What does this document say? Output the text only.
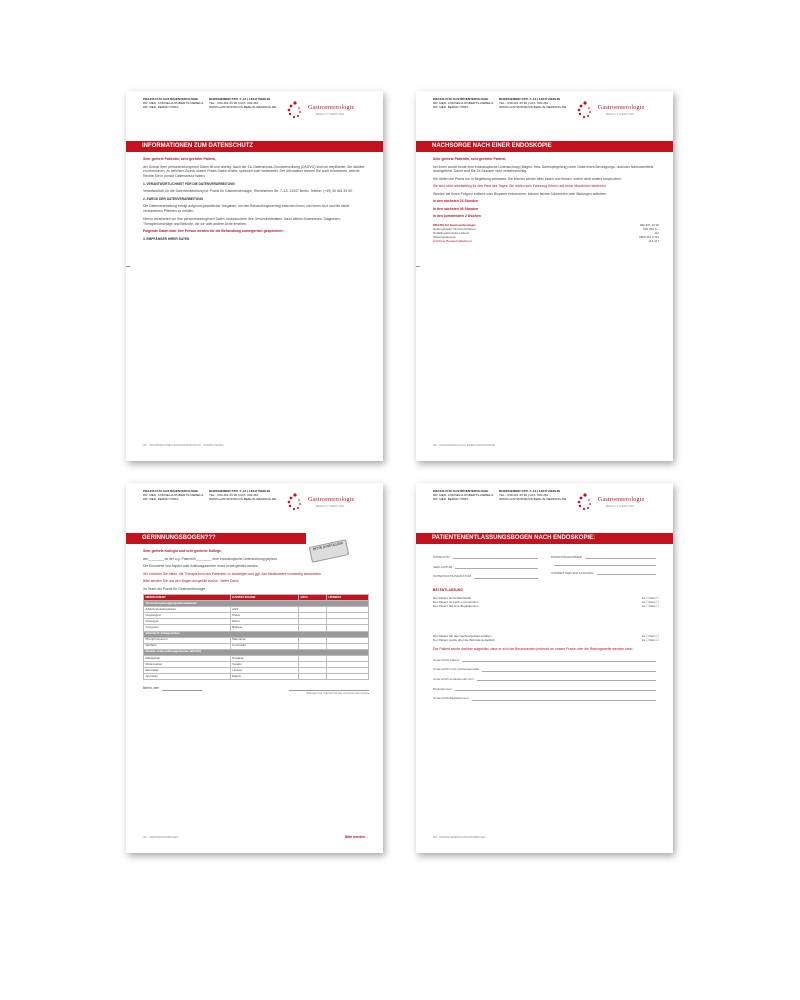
PRAXIS FÜR GASTROENTEROLOGIE
DR. MED. CORNELIA ROBERTS-DIEBELS
DR. MED. BERND HÖRA
RHEINHEIMER STR. 7–13 | 13347 BERLIN
TEL.: 030.461 33 90 | FAX: 030.461 ...
WWW.GASTROPRAXIS-BERLIN-WEDDING.DE	Gastroenterologie
BERLIN WEDDING
INFORMATIONEN ZUM DATENSCHUTZ

Sehr geehrte Patientin, sehr geehrter Patient,

der Schutz Ihrer personenbezogenen Daten ist uns wichtig. Nach der EU-Datenschutz-Grundverordnung (DSGVO) sind wir verpflichtet, Sie darüber zu informieren, zu welchem Zweck unsere Praxis Daten erhebt, speichert oder weiterleitet. Der Information können Sie auch entnehmen, welche Rechte Sie in puncto Datenschutz haben.

1. VERANTWORTLICHKEIT FÜR DIE DATENVERARBEITUNG

Verantwortlich für die Datenverarbeitung ist: Praxis für Gastroenterologie, Rheinheimer Str. 7–13, 13347 Berlin, Telefon: (+49) 30 461 33 90.

2. ZWECK DER DATENVERARBEITUNG

Die Datenverarbeitung erfolgt aufgrund gesetzlicher Vorgaben, um den Behandlungsvertrag zwischen Ihnen und Ihrem Arzt und die damit verbundenen Pflichten zu erfüllen.

Hierzu verarbeiten wir Ihre personenbezogenen Daten, insbesondere Ihre Gesundheitsdaten. Dazu zählen Anamnesen, Diagnosen, Therapievorschläge und Befunde, die wir oder andere Ärzte erheben.

Folgende Daten über Ihre Person werden für die Behandlung unweigerlich gespeichert:

3. EMPFÄNGER IHRER DATEN

2/5 · INFORMATIONEN ZUM DATENSCHUTZ · STAND 04/2024
PRAXIS FÜR GASTROENTEROLOGIE
DR. MED. CORNELIA ROBERTS-DIEBELS
DR. MED. BERND HÖRA
RHEINHEIMER STR. 7–13 | 13347 BERLIN
TEL.: 030.461 33 90 | FAX: 030.461 ...
WWW.GASTROPRAXIS-BERLIN-WEDDING.DE	Gastroenterologie
BERLIN WEDDING
NACHSORGE NACH EINER ENDOSKOPIE

Sehr geehrte Patientin, sehr geehrter Patient,

bei Ihnen wurde heute eine endoskopische Untersuchung (Magen- bzw. Darmspiegelung) unter Gabe eines Beruhigungs- und/oder Narkosemittels durchgeführt. Damit sind Sie 24 Stunden nicht verkehrstüchtig.

Sie dürfen die Praxis nur in Begleitung verlassen. Sie können wieder alles essen und trinken, sofern nicht anders besprochen.

Sie sind nicht arbeitsfähig für den Rest des Tages. Sie dürfen kein Fahrzeug führen und keine Maschinen bedienen.

Wurden bei Ihnen Polypen entfernt oder Biopsien entnommen, können leichte Schmerzen oder Blutungen auftreten.

In den nächsten 24 Stunden

In den nächsten 48 Stunden

In den kommenden 2 Wochen

PRAXIS für Gastroenterologie	030 461 33 90
Rettungsstelle Virchow-Klinikum	030 450 5...
Notfallmedizinischer Dienst	112
Telefonseelsorge	0800 111 0 111
Ärztlicher Bereitschaftsdienst	116 117
3/5 · NACHSORGE NACH EINER ENDOSKOPIE
PRAXIS FÜR GASTROENTEROLOGIE
DR. MED. CORNELIA ROBERTS-DIEBELS
DR. MED. BERND HÖRA
RHEINHEIMER STR. 7–13 | 13347 BERLIN
TEL.: 030.461 33 90 | FAX: 030.461 ...
WWW.GASTROPRAXIS-BERLIN-WEDDING.DE	Gastroenterologie
BERLIN WEDDING
GERINNUNGSBOGEN???
BITTE AUSFÜLLEN!

Sehr geehrte Kollegin und sehr geehrter Kollege,

am ________ ist der o.g. Patient/in ________ eine endoskopische Untersuchung geplant.

Die Einnahme von Aspirin oder Antikoagulanzien muss vorab geklärt werden.

Wir möchten Sie bitten, die Therapieform des Patienten zu bestätigen und ggf. das Medikament rechtzeitig abzusetzen.

Bitte senden Sie uns den Bogen ausgefüllt zurück. Vielen Dank!

Ihr Team der Praxis für Gastroenterologie

MEDIKAMENT	HANDELSNAME	INFO	HINWEIS
Thrombozytenaggregationshemmer			
ASS/Acetylsalicylsäure	ASS		
Clopidogrel	Plavix		
Prasugrel	Efient		
Ticagrelor	Brilique		
Vitamin-K-Antagonisten			
Phenprocoumon	Marcumar		
Warfarin	Coumadin		
Direkte orale Antikoagulanzien (DOAK)			
Dabigatran	Pradaxa		
Rivaroxaban	Xarelto		
Edoxaban	Lixiana		
Apixaban	Eliquis		
Berlin, den
Stempel und Unterschrift des verordnenden Arztes
4/5 · GERINNUNGSBOGEN	Bitte wenden →
PRAXIS FÜR GASTROENTEROLOGIE
DR. MED. CORNELIA ROBERTS-DIEBELS
DR. MED. BERND HÖRA
RHEINHEIMER STR. 7–13 | 13347 BERLIN
TEL.: 030.461 33 90 | FAX: 030.461 ...
WWW.GASTROPRAXIS-BERLIN-WEDDING.DE	Gastroenterologie
BERLIN WEDDING
PATIENTENENTLASSUNGSBOGEN NACH ENDOSKOPIE:
PATIENT/IN
GEB.-DATUM
UNTERSUCHUNG/DATUM
PATIENTENNUMMER
UHRZEIT DER ENTLASSUNG

BEI ENTLASSUNG

Der Patient ist kreislaufstabil	Ja ☐ Nein ☐
Der Patient ist wach und orientiert	Ja ☐ Nein ☐
Der Patient hat eine Begleitperson	Ja ☐ Nein ☐
Der Patient hat das Nachsorgeblatt erhalten	Ja ☐ Nein ☐
Der Patient wurde über die Befunde aufgeklärt	Ja ☐ Nein ☐

Der Patient wurde darüber aufgeklärt, dass er sich bei Beschwerden jederzeit an unsere Praxis oder die Rettungsstelle wenden kann.

Unterschrift Patient
Unterschrift med. Fachangestellte
Unterschrift entlassender Arzt
Begleitperson
Unterschrift Begleitperson
5/5 · PATIENTENENTLASSUNGSBOGEN
